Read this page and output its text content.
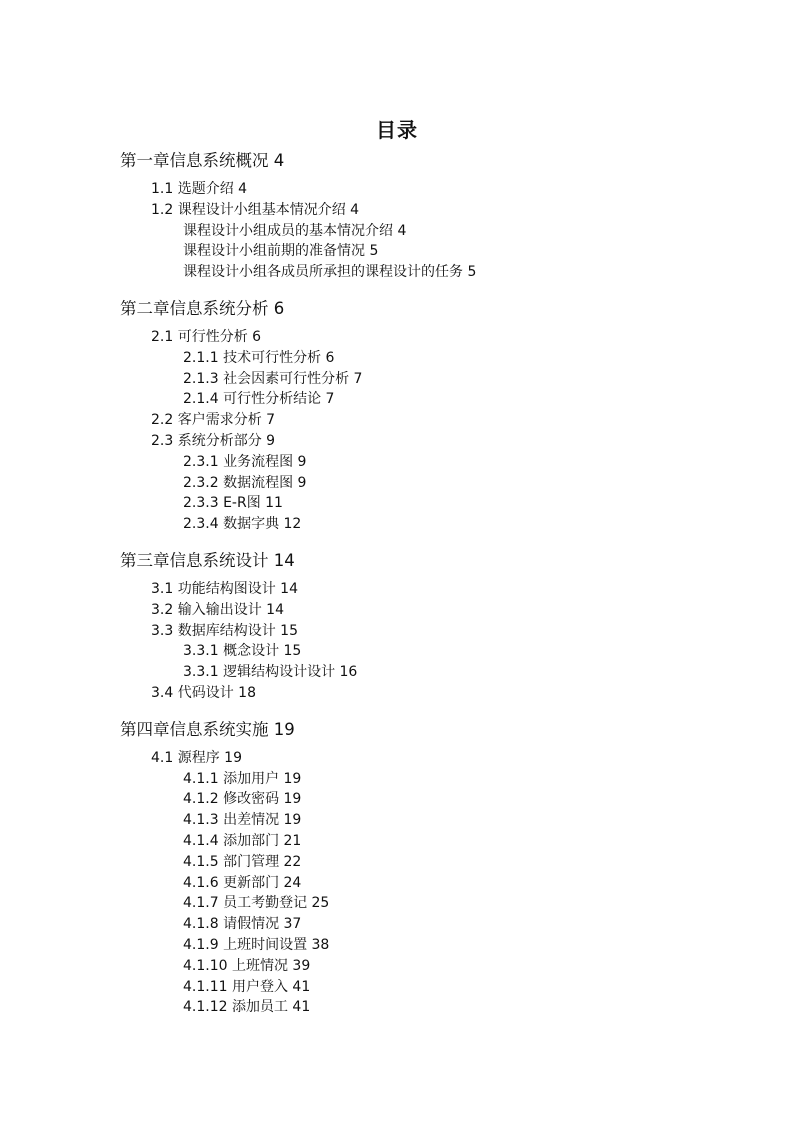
目录
第一章信息系统概况 4
1.1 选题介绍 4
1.2 课程设计小组基本情况介绍 4
课程设计小组成员的基本情况介绍 4
课程设计小组前期的准备情况 5
课程设计小组各成员所承担的课程设计的任务 5
第二章信息系统分析 6
2.1 可行性分析 6
2.1.1 技术可行性分析 6
2.1.3 社会因素可行性分析 7
2.1.4 可行性分析结论 7
2.2 客户需求分析 7
2.3 系统分析部分 9
2.3.1 业务流程图 9
2.3.2 数据流程图 9
2.3.3 E-R图 11
2.3.4 数据字典 12
第三章信息系统设计 14
3.1 功能结构图设计 14
3.2 输入输出设计 14
3.3 数据库结构设计 15
3.3.1 概念设计 15
3.3.1 逻辑结构设计设计 16
3.4 代码设计 18
第四章信息系统实施 19
4.1 源程序 19
4.1.1 添加用户 19
4.1.2 修改密码 19
4.1.3 出差情况 19
4.1.4 添加部门 21
4.1.5 部门管理 22
4.1.6 更新部门 24
4.1.7 员工考勤登记 25
4.1.8 请假情况 37
4.1.9 上班时间设置 38
4.1.10 上班情况 39
4.1.11 用户登入 41
4.1.12 添加员工 41
